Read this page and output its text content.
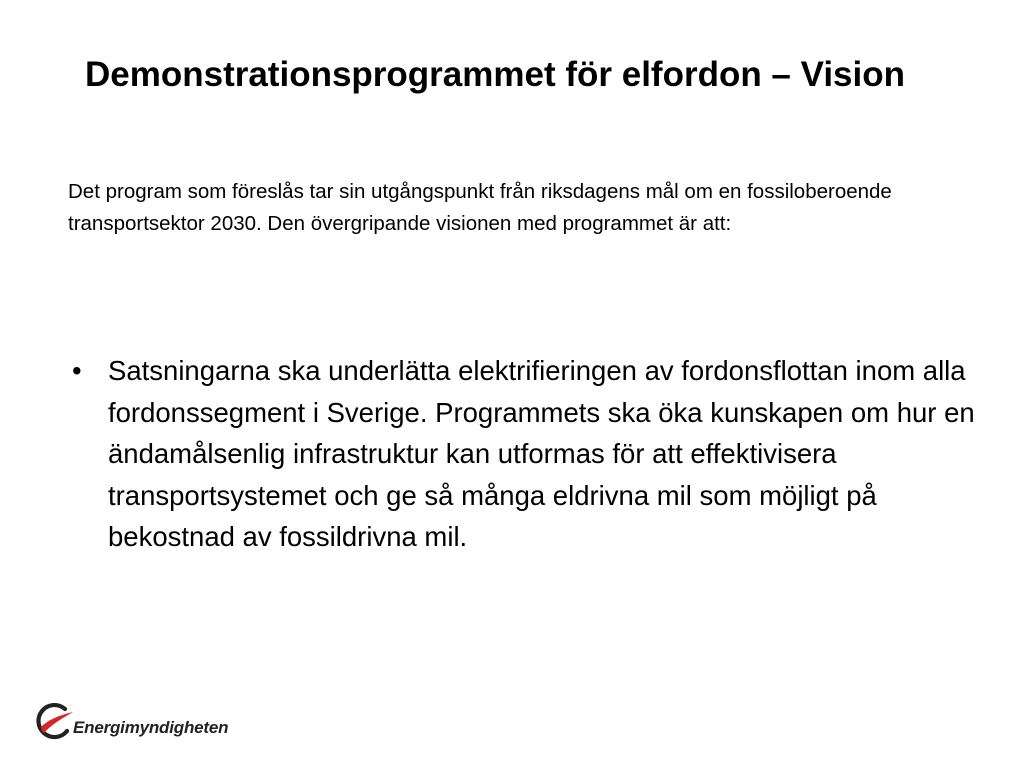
Demonstrationsprogrammet för elfordon – Vision

Det program som föreslås tar sin utgångspunkt från riksdagens mål om en fossiloberoende transportsektor 2030. Den övergripande visionen med programmet är att:

• Satsningarna ska underlätta elektrifieringen av fordonsflottan inom alla fordonssegment i Sverige. Programmets ska öka kunskapen om hur en ändamålsenlig infrastruktur kan utformas för att effektivisera transportsystemet och ge så många eldrivna mil som möjligt på bekostnad av fossildrivna mil.
Energimyndigheten
